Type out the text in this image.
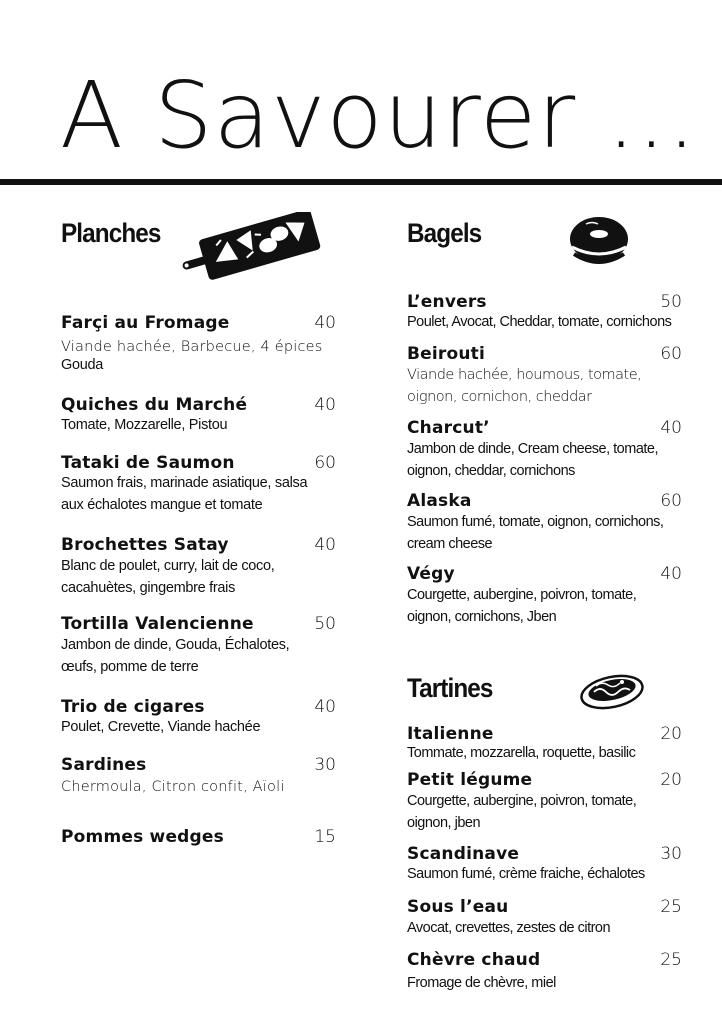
A Savourer ...
Planches
Farçi au Fromage	40
Viande hachée, Barbecue, 4 épices
Gouda
Quiches du Marché	40
Tomate, Mozzarelle, Pistou
Tataki de Saumon	60
Saumon frais, marinade asiatique, salsa
aux échalotes mangue et tomate
Brochettes Satay	40
Blanc de poulet, curry, lait de coco,
cacahuètes, gingembre frais
Tortilla Valencienne	50
Jambon de dinde, Gouda, Échalotes,
œufs, pomme de terre
Trio de cigares	40
Poulet, Crevette, Viande hachée
Sardines	30
Chermoula, Citron confit, Aïoli
Pommes wedges	15
Bagels
L’envers	50
Poulet, Avocat, Cheddar, tomate, cornichons
Beirouti	60
Viande hachée, houmous, tomate,
oignon, cornichon, cheddar
Charcut’	40
Jambon de dinde, Cream cheese, tomate,
oignon, cheddar, cornichons
Alaska	60
Saumon fumé, tomate, oignon, cornichons,
cream cheese
Végy	40
Courgette, aubergine, poivron, tomate,
oignon, cornichons, Jben
Tartines
Italienne	20
Tommate, mozzarella, roquette, basilic
Petit légume	20
Courgette, aubergine, poivron, tomate,
oignon, jben
Scandinave	30
Saumon fumé, crème fraiche, échalotes
Sous l’eau	25
Avocat, crevettes, zestes de citron
Chèvre chaud	25
Fromage de chèvre, miel
